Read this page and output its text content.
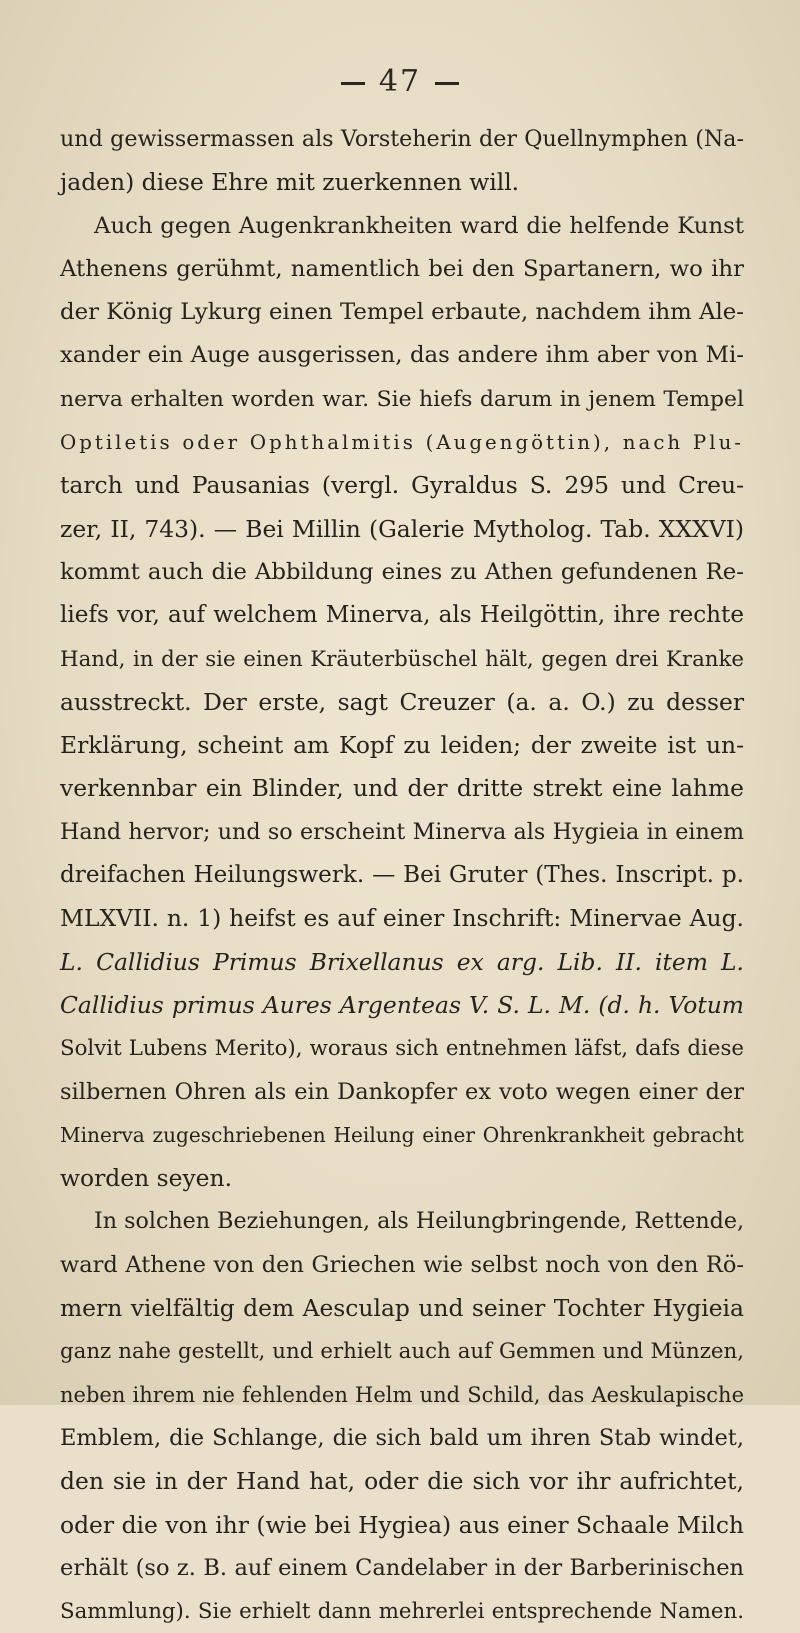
47
und gewissermassen als Vorsteherin der Quellnymphen (Na-
jaden) diese Ehre mit zuerkennen will.
Auch gegen Augenkrankheiten ward die helfende Kunst
Athenens gerühmt, namentlich bei den Spartanern, wo ihr
der König Lykurg einen Tempel erbaute, nachdem ihm Ale-
xander ein Auge ausgerissen, das andere ihm aber von Mi-
nerva erhalten worden war. Sie hiefs darum in jenem Tempel
Optiletis oder Ophthalmitis (Augengöttin), nach Plu-
tarch und Pausanias (vergl. Gyraldus S. 295 und Creu-
zer, II, 743). — Bei Millin (Galerie Mytholog. Tab. XXXVI)
kommt auch die Abbildung eines zu Athen gefundenen Re-
liefs vor, auf welchem Minerva, als Heilgöttin, ihre rechte
Hand, in der sie einen Kräuterbüschel hält, gegen drei Kranke
ausstreckt. Der erste, sagt Creuzer (a. a. O.) zu desser
Erklärung, scheint am Kopf zu leiden; der zweite ist un-
verkennbar ein Blinder, und der dritte strekt eine lahme
Hand hervor; und so erscheint Minerva als Hygieia in einem
dreifachen Heilungswerk. — Bei Gruter (Thes. Inscript. p.
MLXVII. n. 1) heifst es auf einer Inschrift: Minervae Aug.
L. Callidius Primus Brixellanus ex arg. Lib. II. item L.
Callidius primus Aures Argenteas V. S. L. M. (d. h. Votum
Solvit Lubens Merito), woraus sich entnehmen läfst, dafs diese
silbernen Ohren als ein Dankopfer ex voto wegen einer der
Minerva zugeschriebenen Heilung einer Ohrenkrankheit gebracht
worden seyen.
In solchen Beziehungen, als Heilungbringende, Rettende,
ward Athene von den Griechen wie selbst noch von den Rö-
mern vielfältig dem Aesculap und seiner Tochter Hygieia
ganz nahe gestellt, und erhielt auch auf Gemmen und Münzen,
neben ihrem nie fehlenden Helm und Schild, das Aeskulapische
Emblem, die Schlange, die sich bald um ihren Stab windet,
den sie in der Hand hat, oder die sich vor ihr aufrichtet,
oder die von ihr (wie bei Hygiea) aus einer Schaale Milch
erhält (so z. B. auf einem Candelaber in der Barberinischen
Sammlung). Sie erhielt dann mehrerlei entsprechende Namen.
